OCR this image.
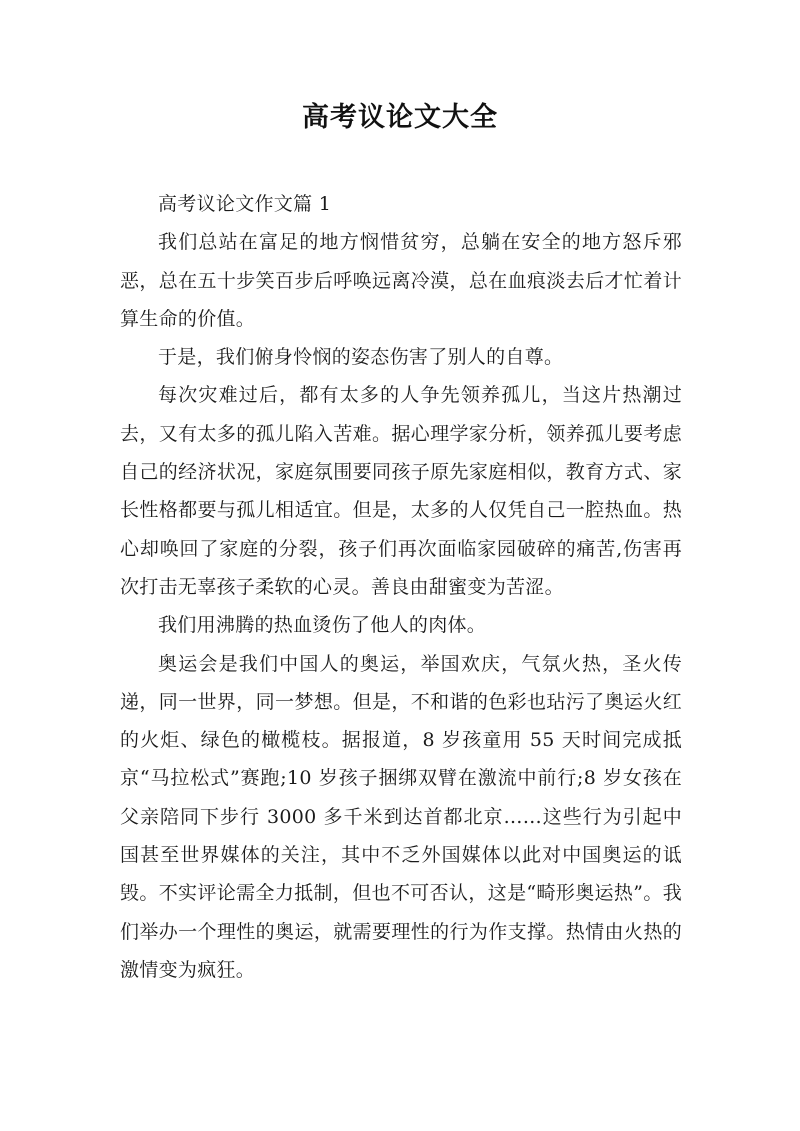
高考议论文大全

高考议论文作文篇 1

我们总站在富足的地方悯惜贫穷，总躺在安全的地方怒斥邪恶，总在五十步笑百步后呼唤远离冷漠，总在血痕淡去后才忙着计算生命的价值。

于是，我们俯身怜悯的姿态伤害了别人的自尊。

每次灾难过后，都有太多的人争先领养孤儿，当这片热潮过去，又有太多的孤儿陷入苦难。据心理学家分析，领养孤儿要考虑自己的经济状况，家庭氛围要同孩子原先家庭相似，教育方式、家长性格都要与孤儿相适宜。但是，太多的人仅凭自己一腔热血。热心却唤回了家庭的分裂，孩子们再次面临家园破碎的痛苦,伤害再次打击无辜孩子柔软的心灵。善良由甜蜜变为苦涩。

我们用沸腾的热血烫伤了他人的肉体。

奥运会是我们中国人的奥运，举国欢庆，气氛火热，圣火传递，同一世界，同一梦想。但是，不和谐的色彩也玷污了奥运火红的火炬、绿色的橄榄枝。据报道，8 岁孩童用 55 天时间完成抵京“马拉松式”赛跑;10 岁孩子捆绑双臂在激流中前行;8 岁女孩在父亲陪同下步行 3000 多千米到达首都北京……这些行为引起中国甚至世界媒体的关注，其中不乏外国媒体以此对中国奥运的诋毁。不实评论需全力抵制，但也不可否认，这是“畸形奥运热”。我们举办一个理性的奥运，就需要理性的行为作支撑。热情由火热的激情变为疯狂。
